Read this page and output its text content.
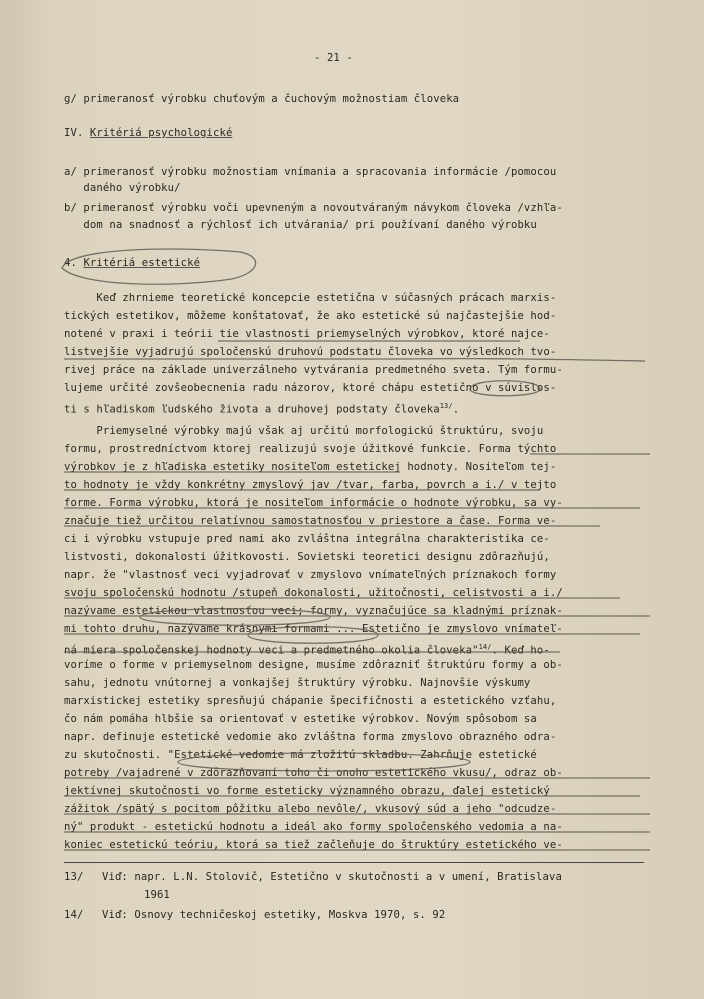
- 21 -
g/ primeranosť výrobku chuťovým a čuchovým možnostiam človeka
IV. Kritériá psychologické
a/ primeranosť výrobku možnostiam vnímania a spracovania informácie /pomocou
daného výrobku/
b/ primeranosť výrobku voči upevneným a novoutváraným návykom človeka /vzhľa-
dom na snadnosť a rýchlosť ich utvárania/ pri používaní daného výrobku
4. Kritériá estetické
Keď zhrnieme teoretické koncepcie estetična v súčasných prácach marxis-
tických estetikov, môžeme konštatovať, že ako estetické sú najčastejšie hod-
notené v praxi i teórii tie vlastnosti priemyselných výrobkov, ktoré najce-
listvejšie vyjadrujú spoločenskú druhovú podstatu človeka vo výsledkoch tvo-
rivej práce na základe univerzálneho vytvárania predmetného sveta. Tým formu-
lujeme určité zovšeobecnenia radu názorov, ktoré chápu estetično v súvislos-
ti s hľadiskom ľudského života a druhovej podstaty človeka$^{13/}$.
Priemyselné výrobky majú však aj určitú morfologickú štruktúru, svoju
formu, prostredníctvom ktorej realizujú svoje úžitkové funkcie. Forma týchto
výrobkov je z hľadiska estetiky nositeľom estetickej hodnoty. Nositeľom tej-
to hodnoty je vždy konkrétny zmyslový jav /tvar, farba, povrch a i./ v tejto
forme. Forma výrobku, ktorá je nositeľom informácie o hodnote výrobku, sa vy-
značuje tiež určitou relatívnou samostatnosťou v priestore a čase. Forma ve-
ci i výrobku vstupuje pred nami ako zvláštna integrálna charakteristika ce-
listvosti, dokonalosti úžitkovosti. Sovietski teoretici designu zdôrazňujú,
napr. že "vlastnosť veci vyjadrovať v zmyslovo vnímateľných príznakoch formy
svoju spoločenskú hodnotu /stupeň dokonalosti, užitočnosti, celistvosti a i./
nazývame estetickou vlastnosťou veci; formy, vyznačujúce sa kladnými príznak-
mi tohto druhu, nazývame krásnymi formami ... Estetično je zmyslovo vnímateľ-
ná miera spoločenskej hodnoty veci a predmetného okolia človeka"$^{14/}$. Keď ho-
voríme o forme v priemyselnom designe, musíme zdôrazniť štruktúru formy a ob-
sahu, jednotu vnútornej a vonkajšej štruktúry výrobku. Najnovšie výskumy
marxistickej estetiky spresňujú chápanie špecifičnosti a estetického vzťahu,
čo nám pomáha hlbšie sa orientovať v estetike výrobkov. Novým spôsobom sa
napr. definuje estetické vedomie ako zvláštna forma zmyslovo obrazného odra-
zu skutočnosti. "Estetické vedomie má zložitú skladbu. Zahrňuje estetické
potreby /vajadrené v zdôrazňovaní toho či onoho estetického vkusu/, odraz ob-
jektívnej skutočnosti vo forme esteticky významného obrazu, ďalej estetický
zážitok /spätý s pocitom pôžitku alebo nevôle/, vkusový súd a jeho "odcudze-
ný" produkt - estetickú hodnotu a ideál ako formy spoločenského vedomia a na-
koniec estetickú teóriu, ktorá sa tiež začleňuje do štruktúry estetického ve-
13/ Viď: napr. L.N. Stolovič, Estetično v skutočnosti a v umení, Bratislava
1961
14/ Viď: Osnovy techničeskoj estetiky, Moskva 1970, s. 92
